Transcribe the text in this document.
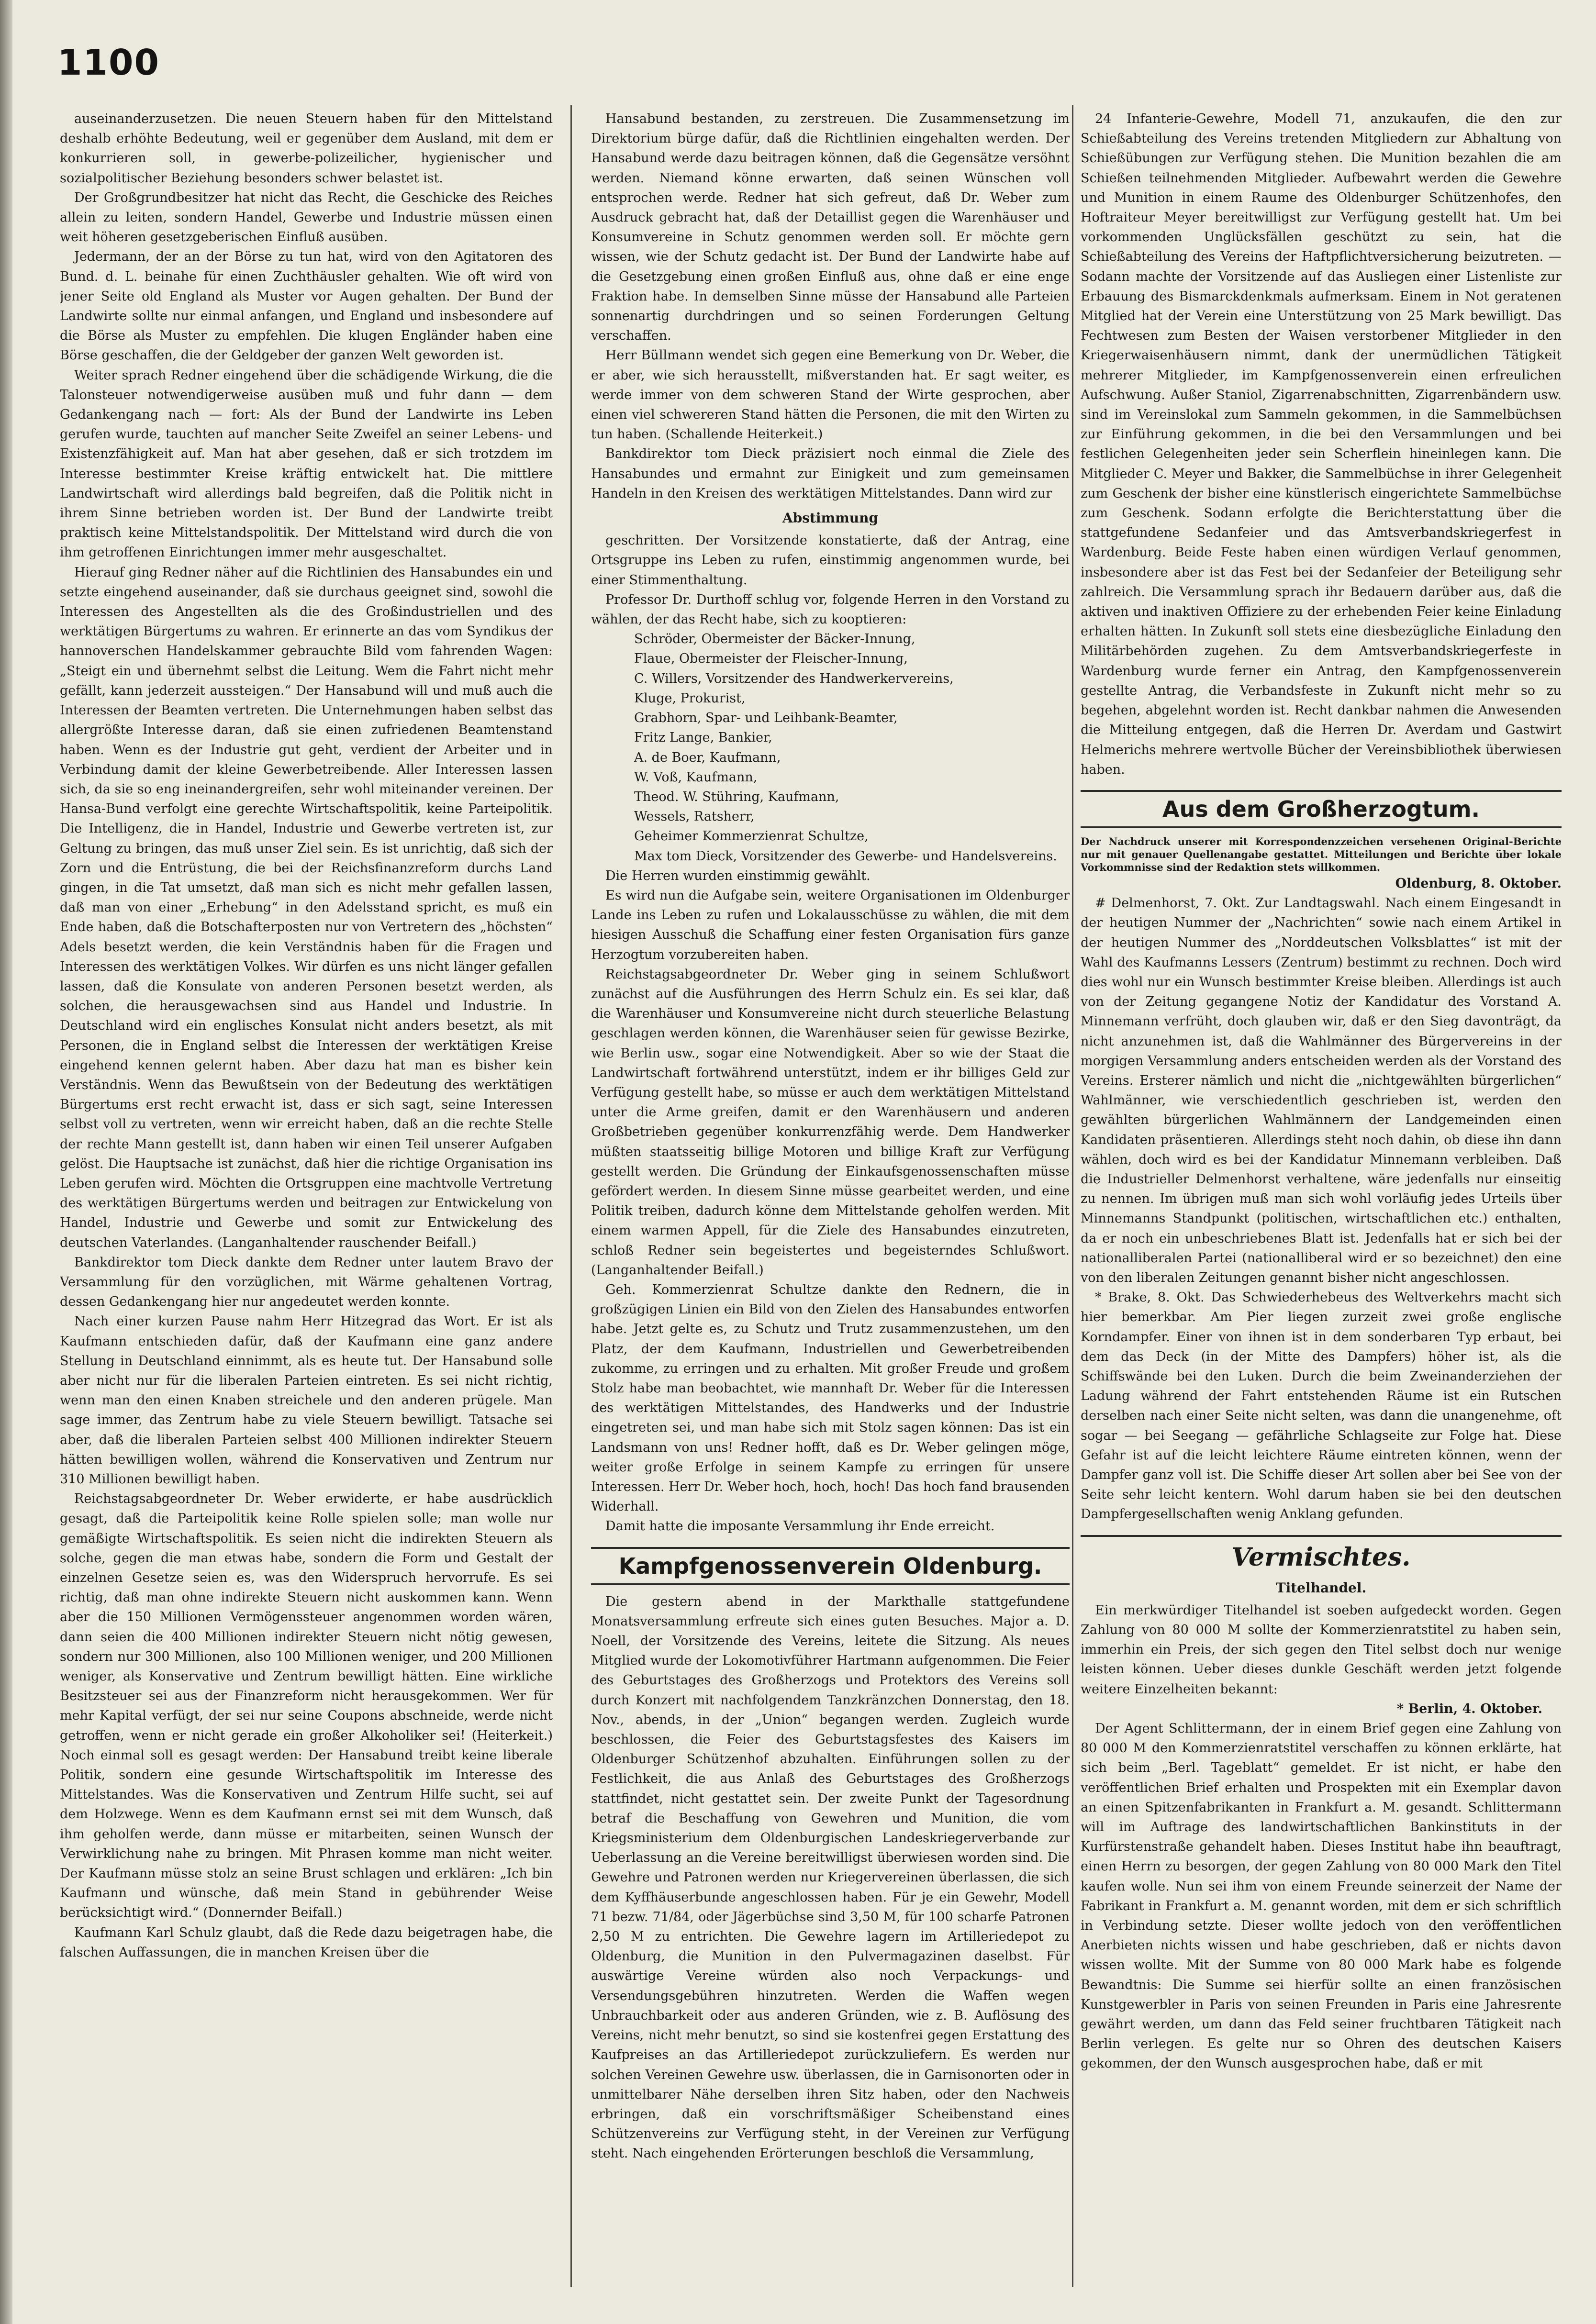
1100

auseinanderzusetzen. Die neuen Steuern haben für den Mittelstand deshalb erhöhte Bedeutung, weil er gegenüber dem Ausland, mit dem er konkurrieren soll, in gewerbe-polizeilicher, hygienischer und sozialpolitischer Beziehung besonders schwer belastet ist.

Der Großgrundbesitzer hat nicht das Recht, die Geschicke des Reiches allein zu leiten, sondern Handel, Gewerbe und Industrie müssen einen weit höheren gesetzgeberischen Einfluß ausüben.

Jedermann, der an der Börse zu tun hat, wird von den Agitatoren des Bund. d. L. beinahe für einen Zuchthäusler gehalten. Wie oft wird von jener Seite old England als Muster vor Augen gehalten. Der Bund der Landwirte sollte nur einmal anfangen, und England und insbesondere auf die Börse als Muster zu empfehlen. Die klugen Engländer haben eine Börse geschaffen, die der Geldgeber der ganzen Welt geworden ist.

Weiter sprach Redner eingehend über die schädigende Wirkung, die die Talonsteuer notwendigerweise ausüben muß und fuhr dann — dem Gedankengang nach — fort: Als der Bund der Landwirte ins Leben gerufen wurde, tauchten auf mancher Seite Zweifel an seiner Lebens- und Existenzfähigkeit auf. Man hat aber gesehen, daß er sich trotzdem im Interesse bestimmter Kreise kräftig entwickelt hat. Die mittlere Landwirtschaft wird allerdings bald begreifen, daß die Politik nicht in ihrem Sinne betrieben worden ist. Der Bund der Landwirte treibt praktisch keine Mittelstandspolitik. Der Mittelstand wird durch die von ihm getroffenen Einrichtungen immer mehr ausgeschaltet.

Hierauf ging Redner näher auf die Richtlinien des Hansabundes ein und setzte eingehend auseinander, daß sie durchaus geeignet sind, sowohl die Interessen des Angestellten als die des Großindustriellen und des werktätigen Bürgertums zu wahren. Er erinnerte an das vom Syndikus der hannoverschen Handelskammer gebrauchte Bild vom fahrenden Wagen: „Steigt ein und übernehmt selbst die Leitung. Wem die Fahrt nicht mehr gefällt, kann jederzeit aussteigen.“ Der Hansabund will und muß auch die Interessen der Beamten vertreten. Die Unternehmungen haben selbst das allergrößte Interesse daran, daß sie einen zufriedenen Beamtenstand haben. Wenn es der Industrie gut geht, verdient der Arbeiter und in Verbindung damit der kleine Gewerbetreibende. Aller Interessen lassen sich, da sie so eng ineinandergreifen, sehr wohl miteinander vereinen. Der Hansa-Bund verfolgt eine gerechte Wirtschaftspolitik, keine Parteipolitik. Die Intelligenz, die in Handel, Industrie und Gewerbe vertreten ist, zur Geltung zu bringen, das muß unser Ziel sein. Es ist unrichtig, daß sich der Zorn und die Entrüstung, die bei der Reichsfinanzreform durchs Land gingen, in die Tat umsetzt, daß man sich es nicht mehr gefallen lassen, daß man von einer „Erhebung“ in den Adelsstand spricht, es muß ein Ende haben, daß die Botschafterposten nur von Vertretern des „höchsten“ Adels besetzt werden, die kein Verständnis haben für die Fragen und Interessen des werktätigen Volkes. Wir dürfen es uns nicht länger gefallen lassen, daß die Konsulate von anderen Personen besetzt werden, als solchen, die herausgewachsen sind aus Handel und Industrie. In Deutschland wird ein englisches Konsulat nicht anders besetzt, als mit Personen, die in England selbst die Interessen der werktätigen Kreise eingehend kennen gelernt haben. Aber dazu hat man es bisher kein Verständnis. Wenn das Bewußtsein von der Bedeutung des werktätigen Bürgertums erst recht erwacht ist, dass er sich sagt, seine Interessen selbst voll zu vertreten, wenn wir erreicht haben, daß an die rechte Stelle der rechte Mann gestellt ist, dann haben wir einen Teil unserer Aufgaben gelöst. Die Hauptsache ist zunächst, daß hier die richtige Organisation ins Leben gerufen wird. Möchten die Ortsgruppen eine machtvolle Vertretung des werktätigen Bürgertums werden und beitragen zur Entwickelung von Handel, Industrie und Gewerbe und somit zur Entwickelung des deutschen Vaterlandes. (Langanhaltender rauschender Beifall.)

Bankdirektor tom Dieck dankte dem Redner unter lautem Bravo der Versammlung für den vorzüglichen, mit Wärme gehaltenen Vortrag, dessen Gedankengang hier nur angedeutet werden konnte.

Nach einer kurzen Pause nahm Herr Hitzegrad das Wort. Er ist als Kaufmann entschieden dafür, daß der Kaufmann eine ganz andere Stellung in Deutschland einnimmt, als es heute tut. Der Hansabund solle aber nicht nur für die liberalen Parteien eintreten. Es sei nicht richtig, wenn man den einen Knaben streichele und den anderen prügele. Man sage immer, das Zentrum habe zu viele Steuern bewilligt. Tatsache sei aber, daß die liberalen Parteien selbst 400 Millionen indirekter Steuern hätten bewilligen wollen, während die Konservativen und Zentrum nur 310 Millionen bewilligt haben.

Reichstagsabgeordneter Dr. Weber erwiderte, er habe ausdrücklich gesagt, daß die Parteipolitik keine Rolle spielen solle; man wolle nur gemäßigte Wirtschaftspolitik. Es seien nicht die indirekten Steuern als solche, gegen die man etwas habe, sondern die Form und Gestalt der einzelnen Gesetze seien es, was den Widerspruch hervorrufe. Es sei richtig, daß man ohne indirekte Steuern nicht auskommen kann. Wenn aber die 150 Millionen Vermögenssteuer angenommen worden wären, dann seien die 400 Millionen indirekter Steuern nicht nötig gewesen, sondern nur 300 Millionen, also 100 Millionen weniger, und 200 Millionen weniger, als Konservative und Zentrum bewilligt hätten. Eine wirkliche Besitzsteuer sei aus der Finanzreform nicht herausgekommen. Wer für mehr Kapital verfügt, der sei nur seine Coupons abschneide, werde nicht getroffen, wenn er nicht gerade ein großer Alkoholiker sei! (Heiterkeit.) Noch einmal soll es gesagt werden: Der Hansabund treibt keine liberale Politik, sondern eine gesunde Wirtschaftspolitik im Interesse des Mittelstandes. Was die Konservativen und Zentrum Hilfe sucht, sei auf dem Holzwege. Wenn es dem Kaufmann ernst sei mit dem Wunsch, daß ihm geholfen werde, dann müsse er mitarbeiten, seinen Wunsch der Verwirklichung nahe zu bringen. Mit Phrasen komme man nicht weiter. Der Kaufmann müsse stolz an seine Brust schlagen und erklären: „Ich bin Kaufmann und wünsche, daß mein Stand in gebührender Weise berücksichtigt wird.“ (Donnernder Beifall.)

Kaufmann Karl Schulz glaubt, daß die Rede dazu beigetragen habe, die falschen Auffassungen, die in manchen Kreisen über die

Hansabund bestanden, zu zerstreuen. Die Zusammensetzung im Direktorium bürge dafür, daß die Richtlinien eingehalten werden. Der Hansabund werde dazu beitragen können, daß die Gegensätze versöhnt werden. Niemand könne erwarten, daß seinen Wünschen voll entsprochen werde. Redner hat sich gefreut, daß Dr. Weber zum Ausdruck gebracht hat, daß der Detaillist gegen die Warenhäuser und Konsumvereine in Schutz genommen werden soll. Er möchte gern wissen, wie der Schutz gedacht ist. Der Bund der Landwirte habe auf die Gesetzgebung einen großen Einfluß aus, ohne daß er eine enge Fraktion habe. In demselben Sinne müsse der Hansabund alle Parteien sonnenartig durchdringen und so seinen Forderungen Geltung verschaffen.

Herr Büllmann wendet sich gegen eine Bemerkung von Dr. Weber, die er aber, wie sich herausstellt, mißverstanden hat. Er sagt weiter, es werde immer von dem schweren Stand der Wirte gesprochen, aber einen viel schwereren Stand hätten die Personen, die mit den Wirten zu tun haben. (Schallende Heiterkeit.)

Bankdirektor tom Dieck präzisiert noch einmal die Ziele des Hansabundes und ermahnt zur Einigkeit und zum gemeinsamen Handeln in den Kreisen des werktätigen Mittelstandes. Dann wird zur

Abstimmung

geschritten. Der Vorsitzende konstatierte, daß der Antrag, eine Ortsgruppe ins Leben zu rufen, einstimmig angenommen wurde, bei einer Stimmenthaltung.

Professor Dr. Durthoff schlug vor, folgende Herren in den Vorstand zu wählen, der das Recht habe, sich zu kooptieren:

Schröder, Obermeister der Bäcker-Innung,

Flaue, Obermeister der Fleischer-Innung,

C. Willers, Vorsitzender des Handwerkervereins,

Kluge, Prokurist,

Grabhorn, Spar- und Leihbank-Beamter,

Fritz Lange, Bankier,

A. de Boer, Kaufmann,

W. Voß, Kaufmann,

Theod. W. Stühring, Kaufmann,

Wessels, Ratsherr,

Geheimer Kommerzienrat Schultze,

Max tom Dieck, Vorsitzender des Gewerbe- und Handelsvereins.

Die Herren wurden einstimmig gewählt.

Es wird nun die Aufgabe sein, weitere Organisationen im Oldenburger Lande ins Leben zu rufen und Lokalausschüsse zu wählen, die mit dem hiesigen Ausschuß die Schaffung einer festen Organisation fürs ganze Herzogtum vorzubereiten haben.

Reichstagsabgeordneter Dr. Weber ging in seinem Schlußwort zunächst auf die Ausführungen des Herrn Schulz ein. Es sei klar, daß die Warenhäuser und Konsumvereine nicht durch steuerliche Belastung geschlagen werden können, die Warenhäuser seien für gewisse Bezirke, wie Berlin usw., sogar eine Notwendigkeit. Aber so wie der Staat die Landwirtschaft fortwährend unterstützt, indem er ihr billiges Geld zur Verfügung gestellt habe, so müsse er auch dem werktätigen Mittelstand unter die Arme greifen, damit er den Warenhäusern und anderen Großbetrieben gegenüber konkurrenzfähig werde. Dem Handwerker müßten staatsseitig billige Motoren und billige Kraft zur Verfügung gestellt werden. Die Gründung der Einkaufsgenossenschaften müsse gefördert werden. In diesem Sinne müsse gearbeitet werden, und eine Politik treiben, dadurch könne dem Mittelstande geholfen werden. Mit einem warmen Appell, für die Ziele des Hansabundes einzutreten, schloß Redner sein begeistertes und begeisterndes Schlußwort. (Langanhaltender Beifall.)

Geh. Kommerzienrat Schultze dankte den Rednern, die in großzügigen Linien ein Bild von den Zielen des Hansabundes entworfen habe. Jetzt gelte es, zu Schutz und Trutz zusammenzustehen, um den Platz, der dem Kaufmann, Industriellen und Gewerbetreibenden zukomme, zu erringen und zu erhalten. Mit großer Freude und großem Stolz habe man beobachtet, wie mannhaft Dr. Weber für die Interessen des werktätigen Mittelstandes, des Handwerks und der Industrie eingetreten sei, und man habe sich mit Stolz sagen können: Das ist ein Landsmann von uns! Redner hofft, daß es Dr. Weber gelingen möge, weiter große Erfolge in seinem Kampfe zu erringen für unsere Interessen. Herr Dr. Weber hoch, hoch, hoch! Das hoch fand brausenden Widerhall.

Damit hatte die imposante Versammlung ihr Ende erreicht.

Kampfgenossenverein Oldenburg.

Die gestern abend in der Markthalle stattgefundene Monatsversammlung erfreute sich eines guten Besuches. Major a. D. Noell, der Vorsitzende des Vereins, leitete die Sitzung. Als neues Mitglied wurde der Lokomotivführer Hartmann aufgenommen. Die Feier des Geburtstages des Großherzogs und Protektors des Vereins soll durch Konzert mit nachfolgendem Tanzkränzchen Donnerstag, den 18. Nov., abends, in der „Union“ begangen werden. Zugleich wurde beschlossen, die Feier des Geburtstagsfestes des Kaisers im Oldenburger Schützenhof abzuhalten. Einführungen sollen zu der Festlichkeit, die aus Anlaß des Geburtstages des Großherzogs stattfindet, nicht gestattet sein. Der zweite Punkt der Tagesordnung betraf die Beschaffung von Gewehren und Munition, die vom Kriegsministerium dem Oldenburgischen Landeskriegerverbande zur Ueberlassung an die Vereine bereitwilligst überwiesen worden sind. Die Gewehre und Patronen werden nur Kriegervereinen überlassen, die sich dem Kyffhäuserbunde angeschlossen haben. Für je ein Gewehr, Modell 71 bezw. 71/84, oder Jägerbüchse sind 3,50 M, für 100 scharfe Patronen 2,50 M zu entrichten. Die Gewehre lagern im Artilleriedepot zu Oldenburg, die Munition in den Pulvermagazinen daselbst. Für auswärtige Vereine würden also noch Verpackungs- und Versendungsgebühren hinzutreten. Werden die Waffen wegen Unbrauchbarkeit oder aus anderen Gründen, wie z. B. Auflösung des Vereins, nicht mehr benutzt, so sind sie kostenfrei gegen Erstattung des Kaufpreises an das Artilleriedepot zurückzuliefern. Es werden nur solchen Vereinen Gewehre usw. überlassen, die in Garnisonorten oder in unmittelbarer Nähe derselben ihren Sitz haben, oder den Nachweis erbringen, daß ein vorschriftsmäßiger Scheibenstand eines Schützenvereins zur Verfügung steht, in der Vereinen zur Verfügung steht. Nach eingehenden Erörterungen beschloß die Versammlung,

24 Infanterie-Gewehre, Modell 71, anzukaufen, die den zur Schießabteilung des Vereins tretenden Mitgliedern zur Abhaltung von Schießübungen zur Verfügung stehen. Die Munition bezahlen die am Schießen teilnehmenden Mitglieder. Aufbewahrt werden die Gewehre und Munition in einem Raume des Oldenburger Schützenhofes, den Hoftraiteur Meyer bereitwilligst zur Verfügung gestellt hat. Um bei vorkommenden Unglücksfällen geschützt zu sein, hat die Schießabteilung des Vereins der Haftpflichtversicherung beizutreten. — Sodann machte der Vorsitzende auf das Ausliegen einer Listenliste zur Erbauung des Bismarckdenkmals aufmerksam. Einem in Not geratenen Mitglied hat der Verein eine Unterstützung von 25 Mark bewilligt. Das Fechtwesen zum Besten der Waisen verstorbener Mitglieder in den Kriegerwaisenhäusern nimmt, dank der unermüdlichen Tätigkeit mehrerer Mitglieder, im Kampfgenossenverein einen erfreulichen Aufschwung. Außer Staniol, Zigarrenabschnitten, Zigarrenbändern usw. sind im Vereinslokal zum Sammeln gekommen, in die Sammelbüchsen zur Einführung gekommen, in die bei den Versammlungen und bei festlichen Gelegenheiten jeder sein Scherflein hineinlegen kann. Die Mitglieder C. Meyer und Bakker, die Sammelbüchse in ihrer Gelegenheit zum Geschenk der bisher eine künstlerisch eingerichtete Sammelbüchse zum Geschenk. Sodann erfolgte die Berichterstattung über die stattgefundene Sedanfeier und das Amtsverbandskriegerfest in Wardenburg. Beide Feste haben einen würdigen Verlauf genommen, insbesondere aber ist das Fest bei der Sedanfeier der Beteiligung sehr zahlreich. Die Versammlung sprach ihr Bedauern darüber aus, daß die aktiven und inaktiven Offiziere zu der erhebenden Feier keine Einladung erhalten hätten. In Zukunft soll stets eine diesbezügliche Einladung den Militärbehörden zugehen. Zu dem Amtsverbandskriegerfeste in Wardenburg wurde ferner ein Antrag, den Kampfgenossenverein gestellte Antrag, die Verbandsfeste in Zukunft nicht mehr so zu begehen, abgelehnt worden ist. Recht dankbar nahmen die Anwesenden die Mitteilung entgegen, daß die Herren Dr. Averdam und Gastwirt Helmerichs mehrere wertvolle Bücher der Vereinsbibliothek überwiesen haben.

Aus dem Großherzogtum.

Der Nachdruck unserer mit Korrespondenzzeichen versehenen Original-Berichte nur mit genauer Quellenangabe gestattet. Mitteilungen und Berichte über lokale Vorkommnisse sind der Redaktion stets willkommen.

Oldenburg, 8. Oktober.

# Delmenhorst, 7. Okt. Zur Landtagswahl. Nach einem Eingesandt in der heutigen Nummer der „Nachrichten“ sowie nach einem Artikel in der heutigen Nummer des „Norddeutschen Volksblattes“ ist mit der Wahl des Kaufmanns Lessers (Zentrum) bestimmt zu rechnen. Doch wird dies wohl nur ein Wunsch bestimmter Kreise bleiben. Allerdings ist auch von der Zeitung gegangene Notiz der Kandidatur des Vorstand A. Minnemann verfrüht, doch glauben wir, daß er den Sieg davonträgt, da nicht anzunehmen ist, daß die Wahlmänner des Bürgervereins in der morgigen Versammlung anders entscheiden werden als der Vorstand des Vereins. Ersterer nämlich und nicht die „nichtgewählten bürgerlichen“ Wahlmänner, wie verschiedentlich geschrieben ist, werden den gewählten bürgerlichen Wahlmännern der Landgemeinden einen Kandidaten präsentieren. Allerdings steht noch dahin, ob diese ihn dann wählen, doch wird es bei der Kandidatur Minnemann verbleiben. Daß die Industrieller Delmenhorst verhaltene, wäre jedenfalls nur einseitig zu nennen. Im übrigen muß man sich wohl vorläufig jedes Urteils über Minnemanns Standpunkt (politischen, wirtschaftlichen etc.) enthalten, da er noch ein unbeschriebenes Blatt ist. Jedenfalls hat er sich bei der nationalliberalen Partei (nationalliberal wird er so bezeichnet) den eine von den liberalen Zeitungen genannt bisher nicht angeschlossen.

* Brake, 8. Okt. Das Schwiederhebeus des Weltverkehrs macht sich hier bemerkbar. Am Pier liegen zurzeit zwei große englische Korndampfer. Einer von ihnen ist in dem sonderbaren Typ erbaut, bei dem das Deck (in der Mitte des Dampfers) höher ist, als die Schiffswände bei den Luken. Durch die beim Zweinanderziehen der Ladung während der Fahrt entstehenden Räume ist ein Rutschen derselben nach einer Seite nicht selten, was dann die unangenehme, oft sogar — bei Seegang — gefährliche Schlagseite zur Folge hat. Diese Gefahr ist auf die leicht leichtere Räume eintreten können, wenn der Dampfer ganz voll ist. Die Schiffe dieser Art sollen aber bei See von der Seite sehr leicht kentern. Wohl darum haben sie bei den deutschen Dampfergesellschaften wenig Anklang gefunden.

Vermischtes.
Titelhandel.

Ein merkwürdiger Titelhandel ist soeben aufgedeckt worden. Gegen Zahlung von 80 000 M sollte der Kommerzienratstitel zu haben sein, immerhin ein Preis, der sich gegen den Titel selbst doch nur wenige leisten können. Ueber dieses dunkle Geschäft werden jetzt folgende weitere Einzelheiten bekannt:

* Berlin, 4. Oktober.

Der Agent Schlittermann, der in einem Brief gegen eine Zahlung von 80 000 M den Kommerzienratstitel verschaffen zu können erklärte, hat sich beim „Berl. Tageblatt“ gemeldet. Er ist nicht, er habe den veröffentlichen Brief erhalten und Prospekten mit ein Exemplar davon an einen Spitzenfabrikanten in Frankfurt a. M. gesandt. Schlittermann will im Auftrage des landwirtschaftlichen Bankinstituts in der Kurfürstenstraße gehandelt haben. Dieses Institut habe ihn beauftragt, einen Herrn zu besorgen, der gegen Zahlung von 80 000 Mark den Titel kaufen wolle. Nun sei ihm von einem Freunde seinerzeit der Name der Fabrikant in Frankfurt a. M. genannt worden, mit dem er sich schriftlich in Verbindung setzte. Dieser wollte jedoch von den veröffentlichen Anerbieten nichts wissen und habe geschrieben, daß er nichts davon wissen wollte. Mit der Summe von 80 000 Mark habe es folgende Bewandtnis: Die Summe sei hierfür sollte an einen französischen Kunstgewerbler in Paris von seinen Freunden in Paris eine Jahresrente gewährt werden, um dann das Feld seiner fruchtbaren Tätigkeit nach Berlin verlegen. Es gelte nur so Ohren des deutschen Kaisers gekommen, der den Wunsch ausgesprochen habe, daß er mit
